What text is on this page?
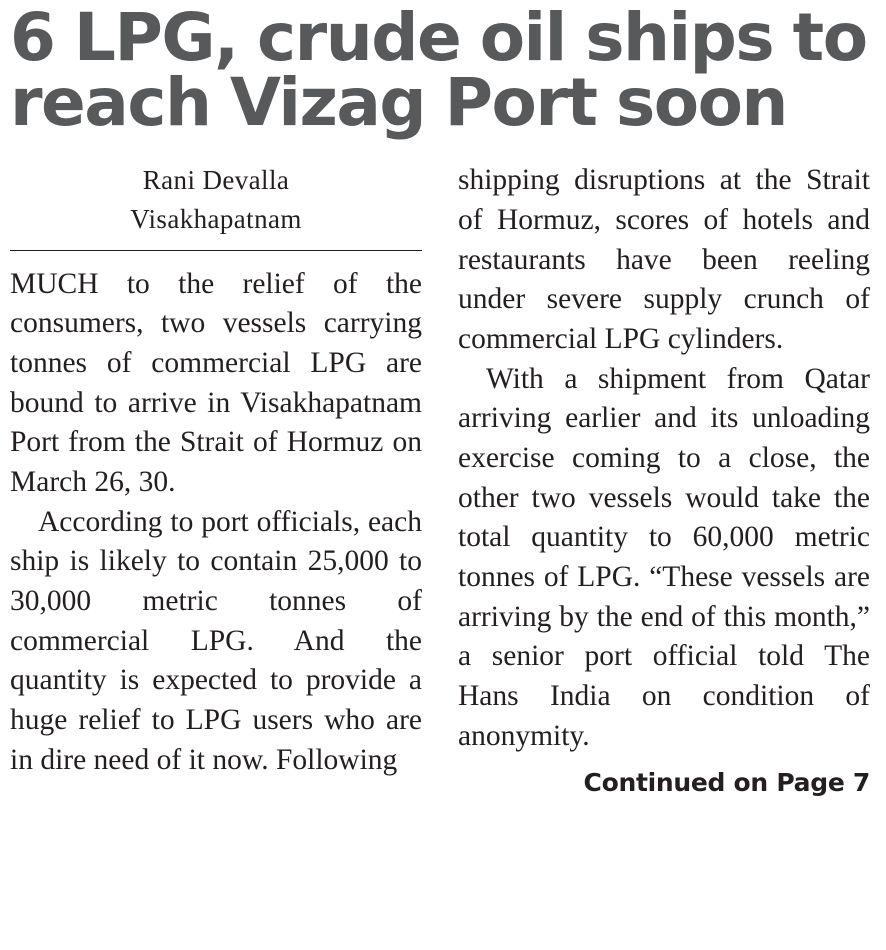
6 LPG, crude oil ships to
reach Vizag Port soon
Rani Devalla
Visakhapatnam

MUCH to the relief of the consumers, two vessels carrying tonnes of commercial LPG are bound to arrive in Visakhapatnam Port from the Strait of Hormuz on March 26, 30.

According to port officials, each ship is likely to contain 25,000 to 30,000 metric tonnes of commercial LPG. And the quantity is expected to provide a huge relief to LPG users who are in dire need of it now. Following

shipping disruptions at the Strait of Hormuz, scores of hotels and restaurants have been reeling under severe supply crunch of commercial LPG cylinders.

With a shipment from Qatar arriving earlier and its unloading exercise coming to a close, the other two vessels would take the total quantity to 60,000 metric tonnes of LPG. “These vessels are arriving by the end of this month,” a senior port official told The Hans India on condition of anonymity.

Continued on Page 7
